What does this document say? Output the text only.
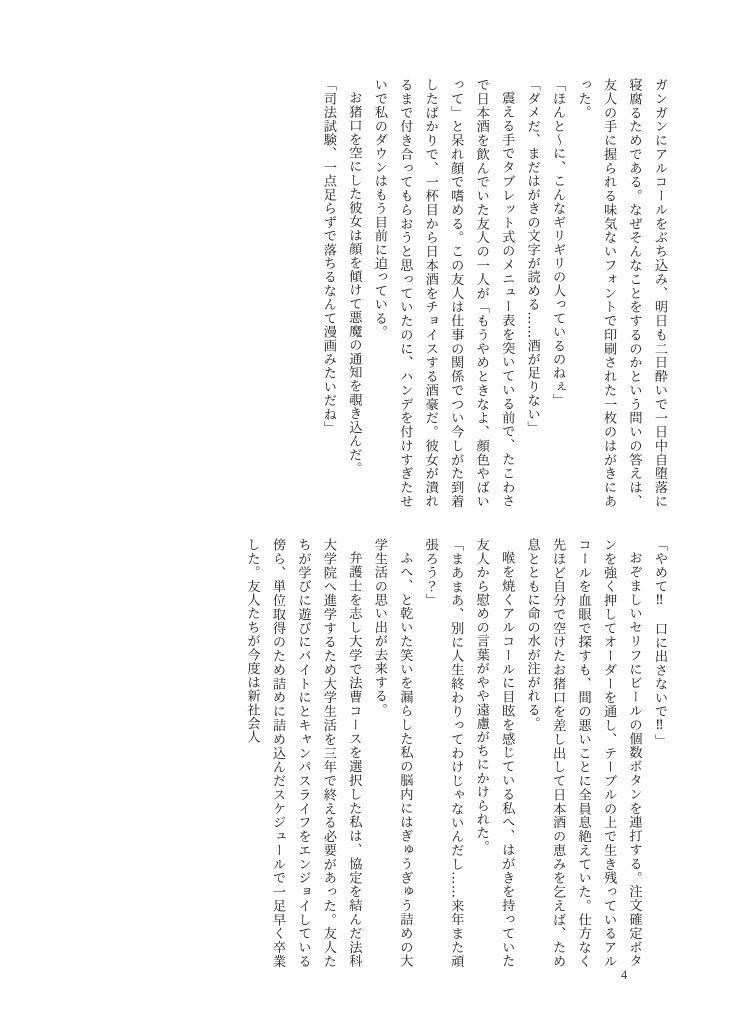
ガンガンにアルコールをぶち込み、明日も二日酔いで一日中自堕落に寝腐るためである。なぜそんなことをするのかという問いの答えは、友人の手に握られる味気ないフォントで印刷された一枚のはがきにあった。

「ほんと〜に、こんなギリギリの人っているのねぇ」

「ダメだ、まだはがきの文字が読める……酒が足りない」

震える手でタブレット式のメニュー表を突いている前で、たこわさで日本酒を飲んでいた友人の一人が「もうやめときなよ、顔色やばいって」と呆れ顔で嗜める。この友人は仕事の関係でつい今しがた到着したばかりで、一杯目から日本酒をチョイスする酒豪だ。彼女が潰れるまで付き合ってもらおうと思っていたのに、ハンデを付けすぎたせいで私のダウンはもう目前に迫っている。

お猪口を空にした彼女は顔を傾けて悪魔の通知を覗き込んだ。

「司法試験、一点足らずで落ちるなんて漫画みたいだね」

「やめて‼　口に出さないで‼」

おぞましいセリフにビールの個数ボタンを連打する。注文確定ボタンを強く押してオーダーを通し、テーブルの上で生き残っているアルコールを血眼で探すも、間の悪いことに全員息絶えていた。仕方なく先ほど自分で空けたお猪口を差し出して日本酒の恵みを乞えば、ため息とともに命の水が注がれる。

喉を焼くアルコールに目眩を感じている私へ、はがきを持っていた友人から慰めの言葉がやや遠慮がちにかけられた。

「まあまあ、別に人生終わりってわけじゃないんだし……来年また頑張ろう？」

ふへ、と乾いた笑いを漏らした私の脳内にはぎゅうぎゅう詰めの大学生活の思い出が去来する。

弁護士を志し大学で法曹コースを選択した私は、協定を結んだ法科大学院へ進学するため大学生活を三年で終える必要があった。友人たちが学びに遊びにバイトにとキャンパスライフをエンジョイしている傍ら、単位取得のため詰めに詰め込んだスケジュールで一足早く卒業した。友人たちが今度は新社会人

4
